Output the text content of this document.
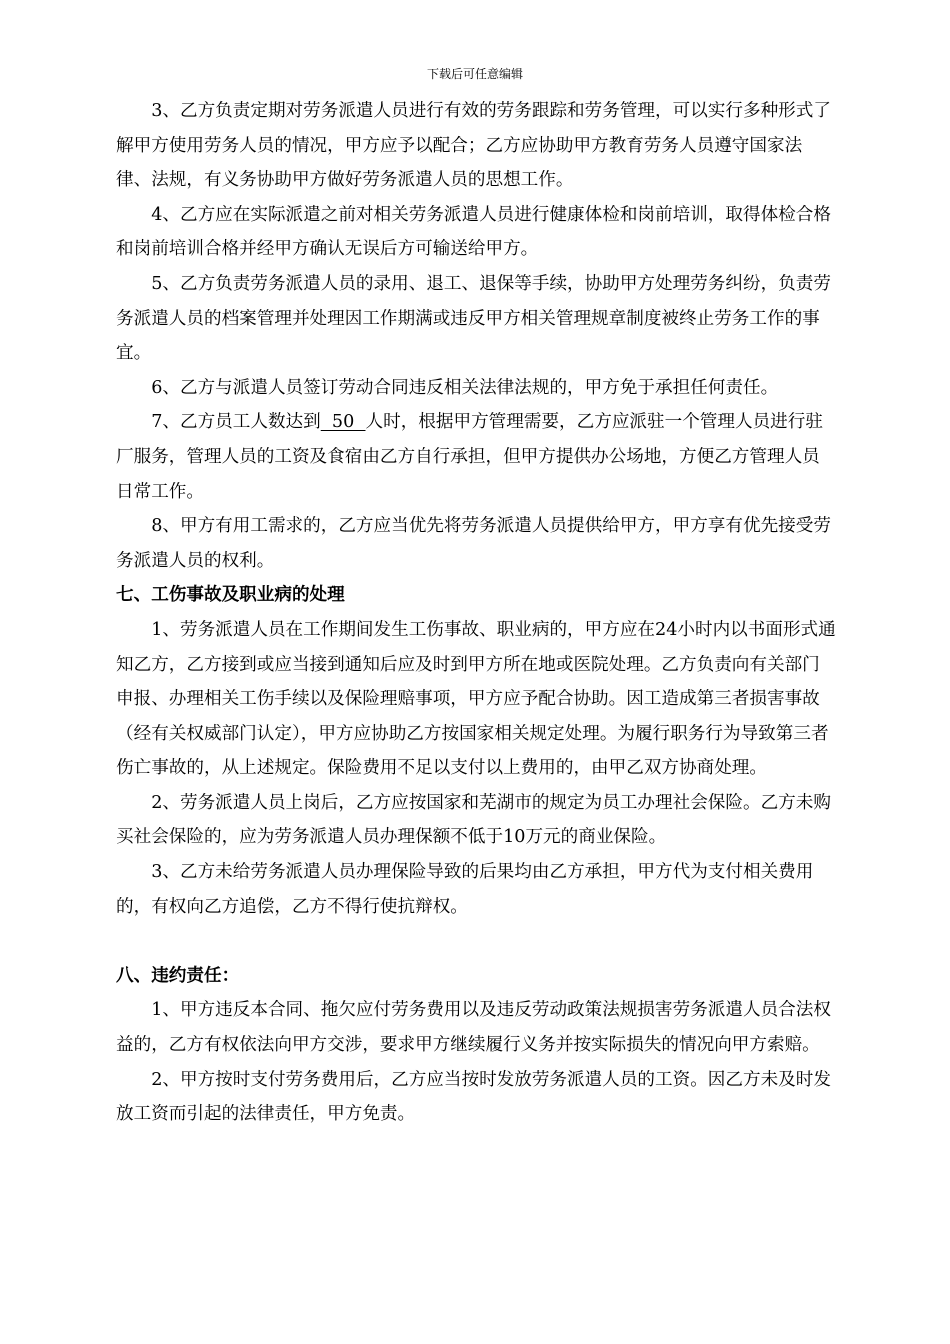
下载后可任意编辑

3、乙方负责定期对劳务派遣人员进行有效的劳务跟踪和劳务管理，可以实行多种形式了解甲方使用劳务人员的情况，甲方应予以配合；乙方应协助甲方教育劳务人员遵守国家法律、法规，有义务协助甲方做好劳务派遣人员的思想工作。

4、乙方应在实际派遣之前对相关劳务派遣人员进行健康体检和岗前培训，取得体检合格和岗前培训合格并经甲方确认无误后方可输送给甲方。

5、乙方负责劳务派遣人员的录用、退工、退保等手续，协助甲方处理劳务纠纷，负责劳务派遣人员的档案管理并处理因工作期满或违反甲方相关管理规章制度被终止劳务工作的事宜。

6、乙方与派遣人员签订劳动合同违反相关法律法规的，甲方免于承担任何责任。

7、乙方员工人数达到  50  人时，根据甲方管理需要，乙方应派驻一个管理人员进行驻厂服务，管理人员的工资及食宿由乙方自行承担，但甲方提供办公场地，方便乙方管理人员日常工作。

8、甲方有用工需求的，乙方应当优先将劳务派遣人员提供给甲方，甲方享有优先接受劳务派遣人员的权利。

七、工伤事故及职业病的处理

1、劳务派遣人员在工作期间发生工伤事故、职业病的，甲方应在24小时内以书面形式通知乙方，乙方接到或应当接到通知后应及时到甲方所在地或医院处理。乙方负责向有关部门申报、办理相关工伤手续以及保险理赔事项，甲方应予配合协助。因工造成第三者损害事故（经有关权威部门认定），甲方应协助乙方按国家相关规定处理。为履行职务行为导致第三者伤亡事故的，从上述规定。保险费用不足以支付以上费用的，由甲乙双方协商处理。

2、劳务派遣人员上岗后，乙方应按国家和芜湖市的规定为员工办理社会保险。乙方未购买社会保险的，应为劳务派遣人员办理保额不低于10万元的商业保险。

3、乙方未给劳务派遣人员办理保险导致的后果均由乙方承担，甲方代为支付相关费用的，有权向乙方追偿，乙方不得行使抗辩权。

八、违约责任：

1、甲方违反本合同、拖欠应付劳务费用以及违反劳动政策法规损害劳务派遣人员合法权益的，乙方有权依法向甲方交涉，要求甲方继续履行义务并按实际损失的情况向甲方索赔。

2、甲方按时支付劳务费用后，乙方应当按时发放劳务派遣人员的工资。因乙方未及时发放工资而引起的法律责任，甲方免责。
